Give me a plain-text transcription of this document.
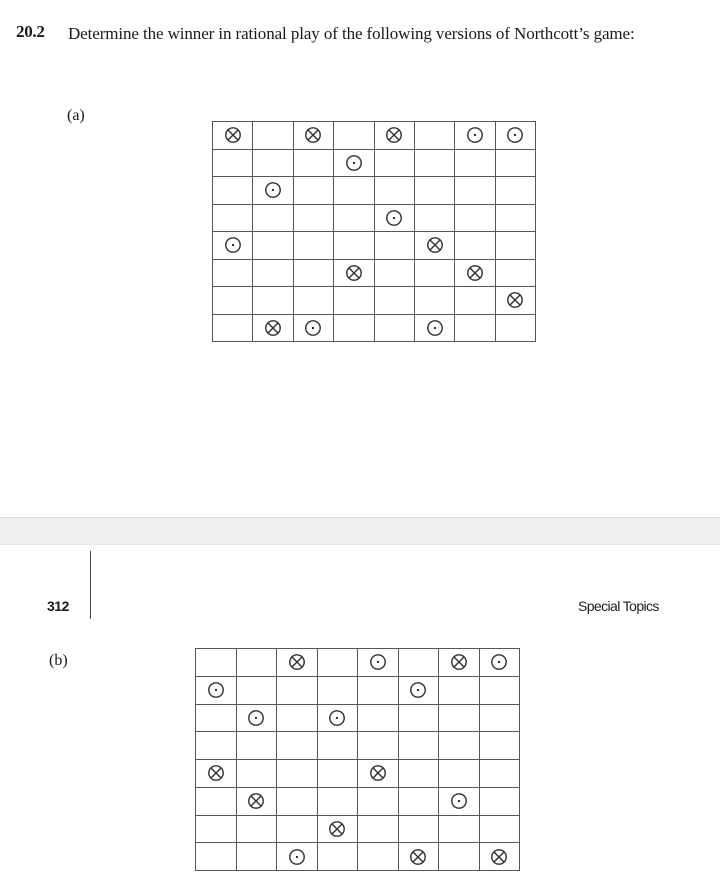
20.2 Determine the winner in rational play of the following versions of Northcott’s game:
(a)
312	Special Topics
(b)
